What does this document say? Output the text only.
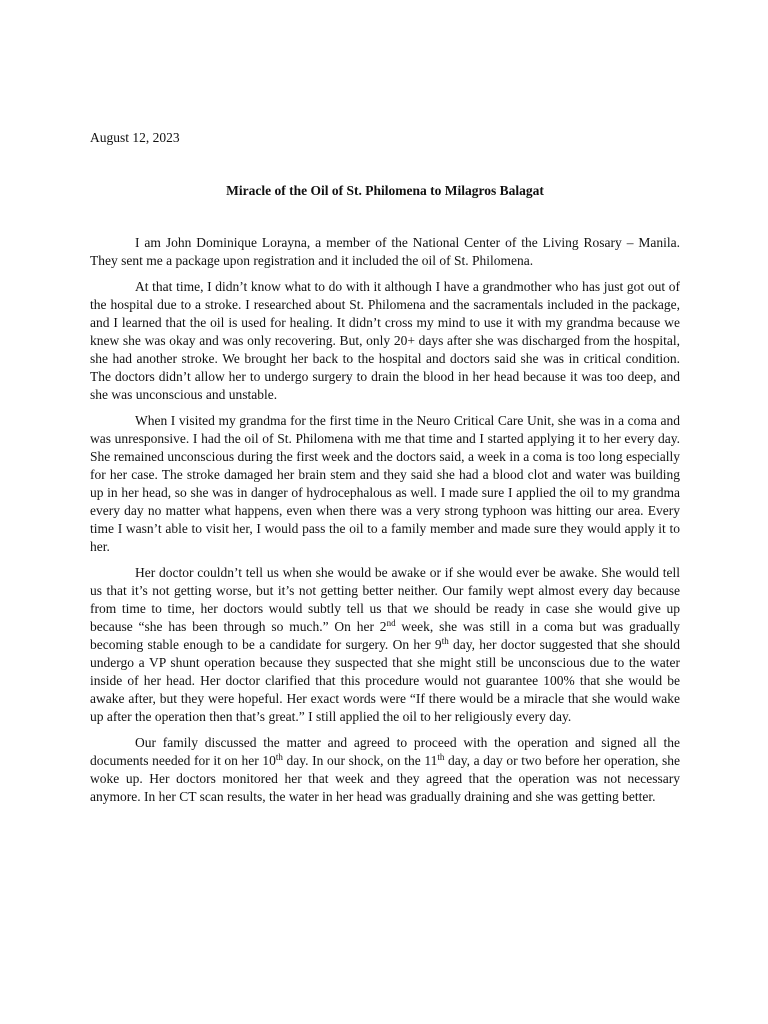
August 12, 2023

Miracle of the Oil of St. Philomena to Milagros Balagat

I am John Dominique Lorayna, a member of the National Center of the Living Rosary – Manila. They sent me a package upon registration and it included the oil of St. Philomena.

At that time, I didn’t know what to do with it although I have a grandmother who has just got out of the hospital due to a stroke. I researched about St. Philomena and the sacramentals included in the package, and I learned that the oil is used for healing. It didn’t cross my mind to use it with my grandma because we knew she was okay and was only recovering. But, only 20+ days after she was discharged from the hospital, she had another stroke. We brought her back to the hospital and doctors said she was in critical condition. The doctors didn’t allow her to undergo surgery to drain the blood in her head because it was too deep, and she was unconscious and unstable.

When I visited my grandma for the first time in the Neuro Critical Care Unit, she was in a coma and was unresponsive. I had the oil of St. Philomena with me that time and I started applying it to her every day. She remained unconscious during the first week and the doctors said, a week in a coma is too long especially for her case. The stroke damaged her brain stem and they said she had a blood clot and water was building up in her head, so she was in danger of hydrocephalous as well. I made sure I applied the oil to my grandma every day no matter what happens, even when there was a very strong typhoon was hitting our area. Every time I wasn’t able to visit her, I would pass the oil to a family member and made sure they would apply it to her.

Her doctor couldn’t tell us when she would be awake or if she would ever be awake. She would tell us that it’s not getting worse, but it’s not getting better neither. Our family wept almost every day because from time to time, her doctors would subtly tell us that we should be ready in case she would give up because “she has been through so much.” On her 2nd week, she was still in a coma but was gradually becoming stable enough to be a candidate for surgery. On her 9th day, her doctor suggested that she should undergo a VP shunt operation because they suspected that she might still be unconscious due to the water inside of her head. Her doctor clarified that this procedure would not guarantee 100% that she would be awake after, but they were hopeful. Her exact words were “If there would be a miracle that she would wake up after the operation then that’s great.” I still applied the oil to her religiously every day.

Our family discussed the matter and agreed to proceed with the operation and signed all the documents needed for it on her 10th day. In our shock, on the 11th day, a day or two before her operation, she woke up. Her doctors monitored her that week and they agreed that the operation was not necessary anymore. In her CT scan results, the water in her head was gradually draining and she was getting better.
